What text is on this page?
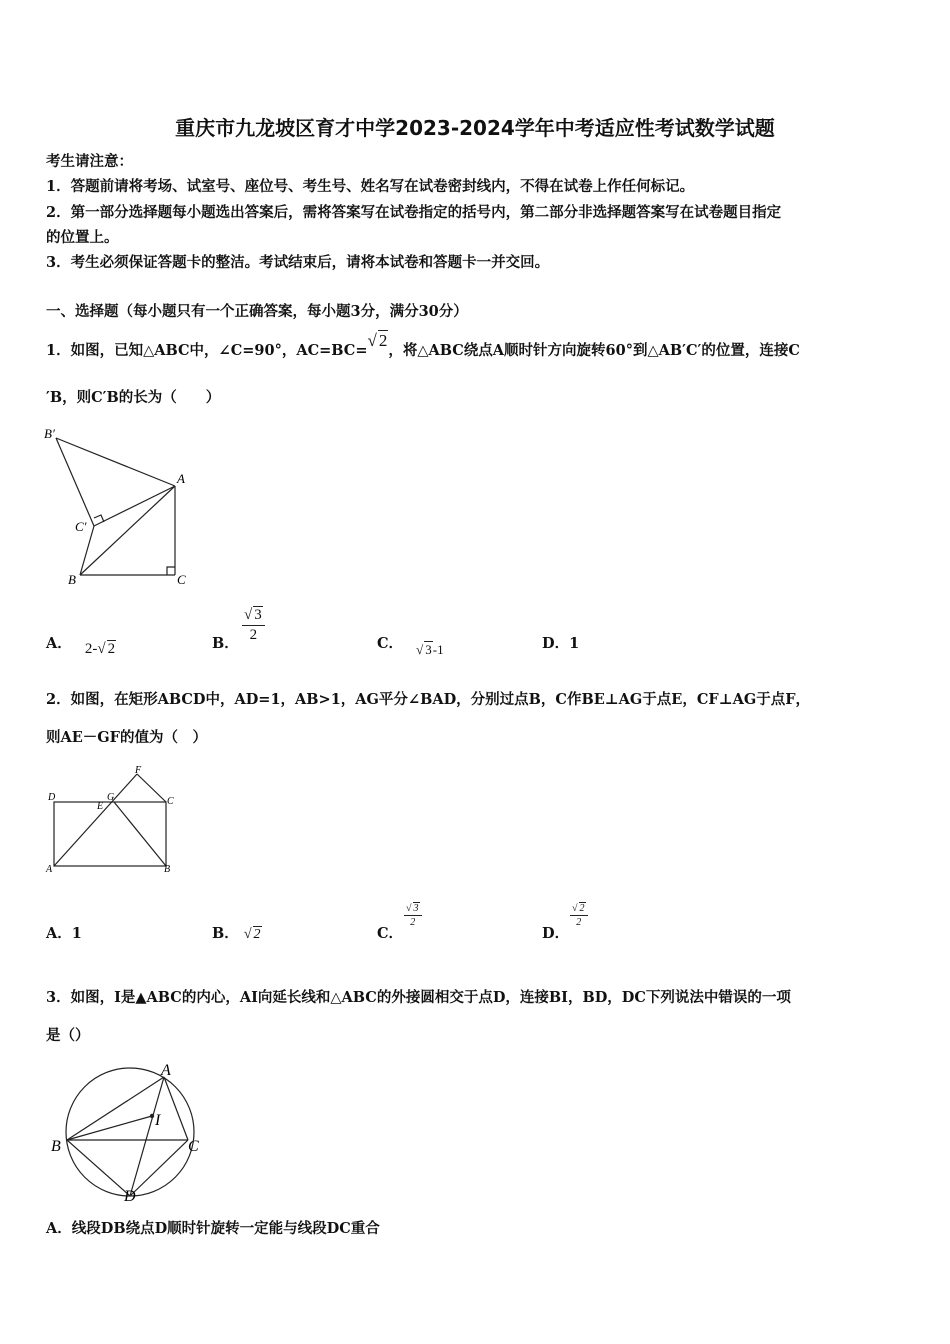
重庆市九龙坡区育才中学2023-2024学年中考适应性考试数学试题
考生请注意：
1．答题前请将考场、试室号、座位号、考生号、姓名写在试卷密封线内，不得在试卷上作任何标记。
2．第一部分选择题每小题选出答案后，需将答案写在试卷指定的括号内，第二部分非选择题答案写在试卷题目指定
的位置上。
3．考生必须保证答题卡的整洁。考试结束后，请将本试卷和答题卡一并交回。
一、选择题（每小题只有一个正确答案，每小题3分，满分30分）
1．如图，已知△ABC中，∠C=90°，AC=BC=√ 2，将△ABC绕点A顺时针方向旋转60°到△AB′C′的位置，连接C
′B，则C′B的长为（　　）
B′
A
C′
B	C
A． 2-√ 2	B． $\frac{√ 3}{2}$	C． √ 3-1	D．1
2．如图，在矩形ABCD中，AD=1，AB>1，AG平分∠BAD，分别过点B，C作BE⊥AG于点E，CF⊥AG于点F，
则AE－GF的值为（　）
F
D	G
E	C
A	B
A．1	B． √ 2	C．
$\frac{√ 3}{2}$
D．
$\frac{√ 2}{2}$
3．如图，I是▲ABC的内心，AI向延长线和△ABC的外接圆相交于点D，连接BI，BD，DC下列说法中错误的一项
是（）
A
I
B	C
D
A．线段DB绕点D顺时针旋转一定能与线段DC重合
